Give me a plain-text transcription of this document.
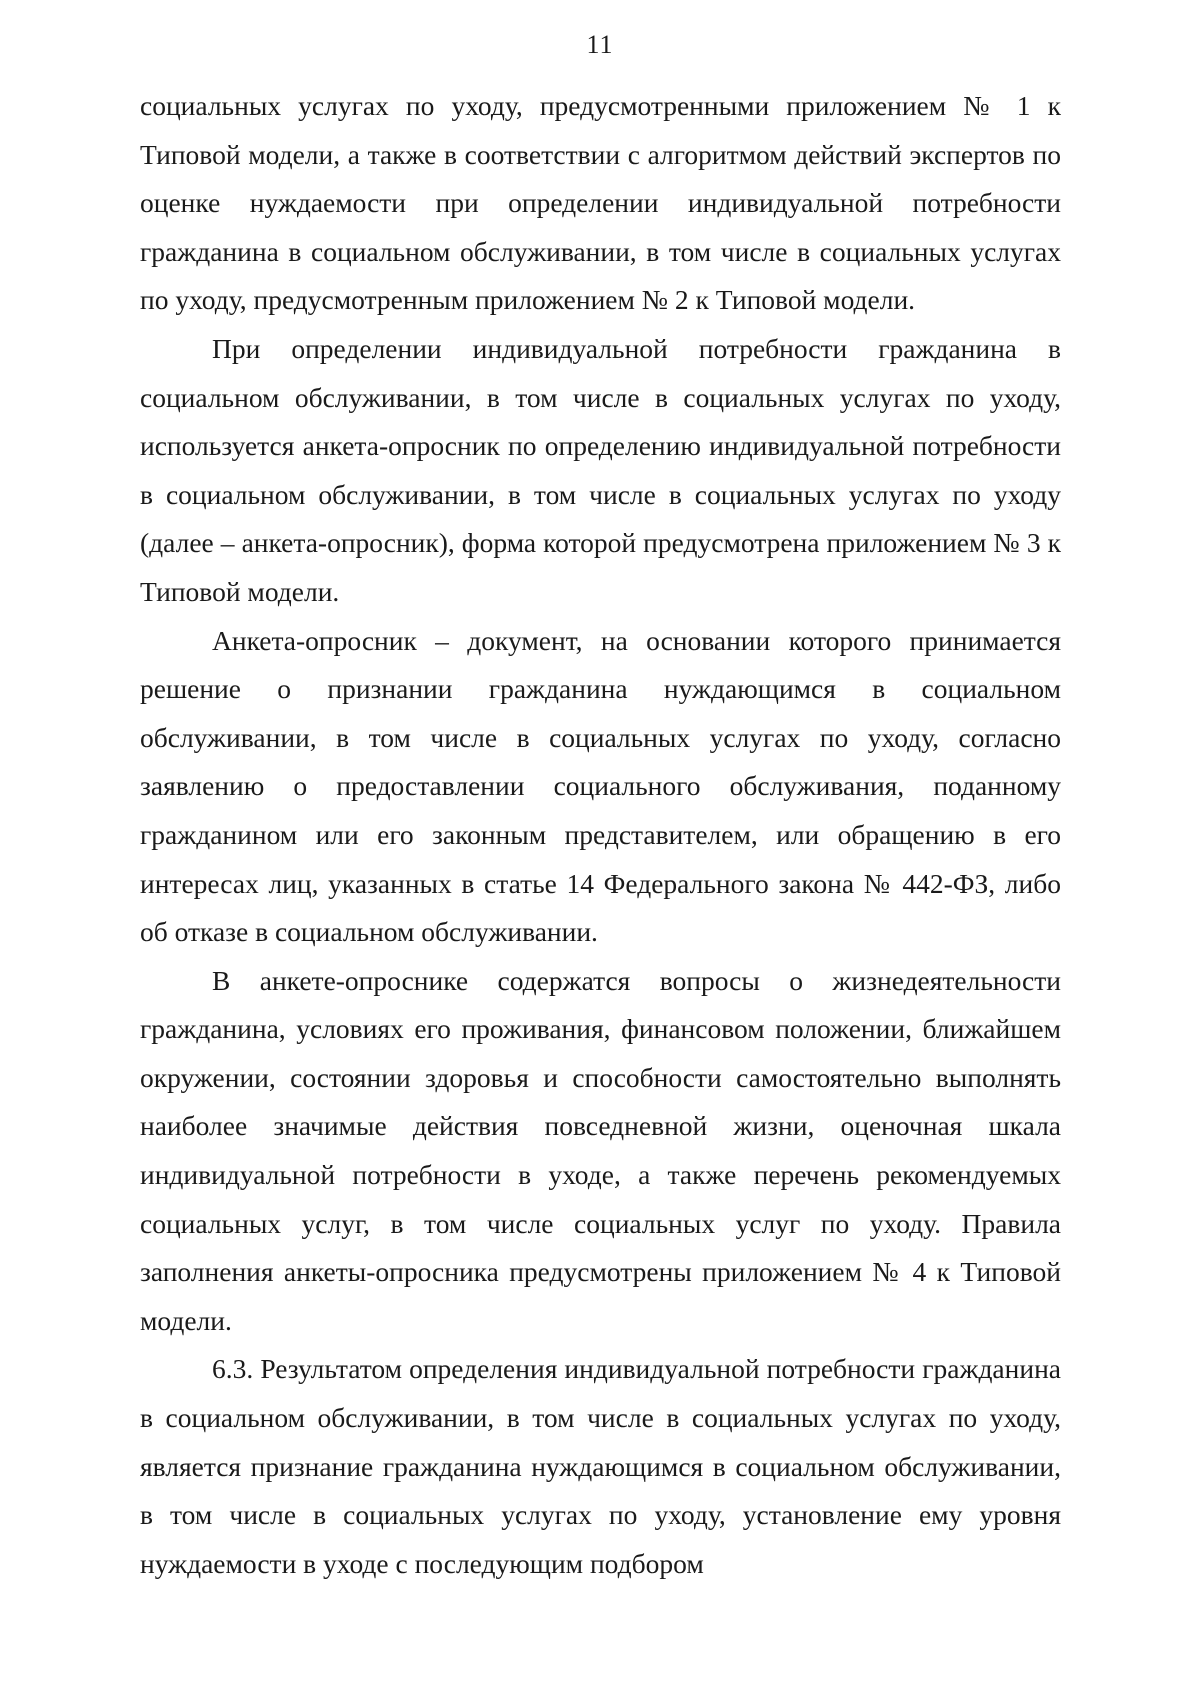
11

социальных услугах по уходу, предусмотренными приложением № 1 к Типовой модели, а также в соответствии с алгоритмом действий экспертов по оценке нуждаемости при определении индивидуальной потребности гражданина в социальном обслуживании, в том числе в социальных услугах по уходу, предусмотренным приложением № 2 к Типовой модели.

При определении индивидуальной потребности гражданина в социальном обслуживании, в том числе в социальных услугах по уходу, используется анкета-опросник по определению индивидуальной потребности в социальном обслуживании, в том числе в социальных услугах по уходу (далее – анкета-опросник), форма которой предусмотрена приложением № 3 к Типовой модели.

Анкета-опросник – документ, на основании которого принимается решение о признании гражданина нуждающимся в социальном обслуживании, в том числе в социальных услугах по уходу, согласно заявлению о предоставлении социального обслуживания, поданному гражданином или его законным представителем, или обращению в его интересах лиц, указанных в статье 14 Федерального закона № 442-ФЗ, либо об отказе в социальном обслуживании.

В анкете-опроснике содержатся вопросы о жизнедеятельности гражданина, условиях его проживания, финансовом положении, ближайшем окружении, состоянии здоровья и способности самостоятельно выполнять наиболее значимые действия повседневной жизни, оценочная шкала индивидуальной потребности в уходе, а также перечень рекомендуемых социальных услуг, в том числе социальных услуг по уходу. Правила заполнения анкеты-опросника предусмотрены приложением № 4 к Типовой модели.

6.3. Результатом определения индивидуальной потребности гражданина в социальном обслуживании, в том числе в социальных услугах по уходу, является признание гражданина нуждающимся в социальном обслуживании, в том числе в социальных услугах по уходу, установление ему уровня нуждаемости в уходе с последующим подбором
